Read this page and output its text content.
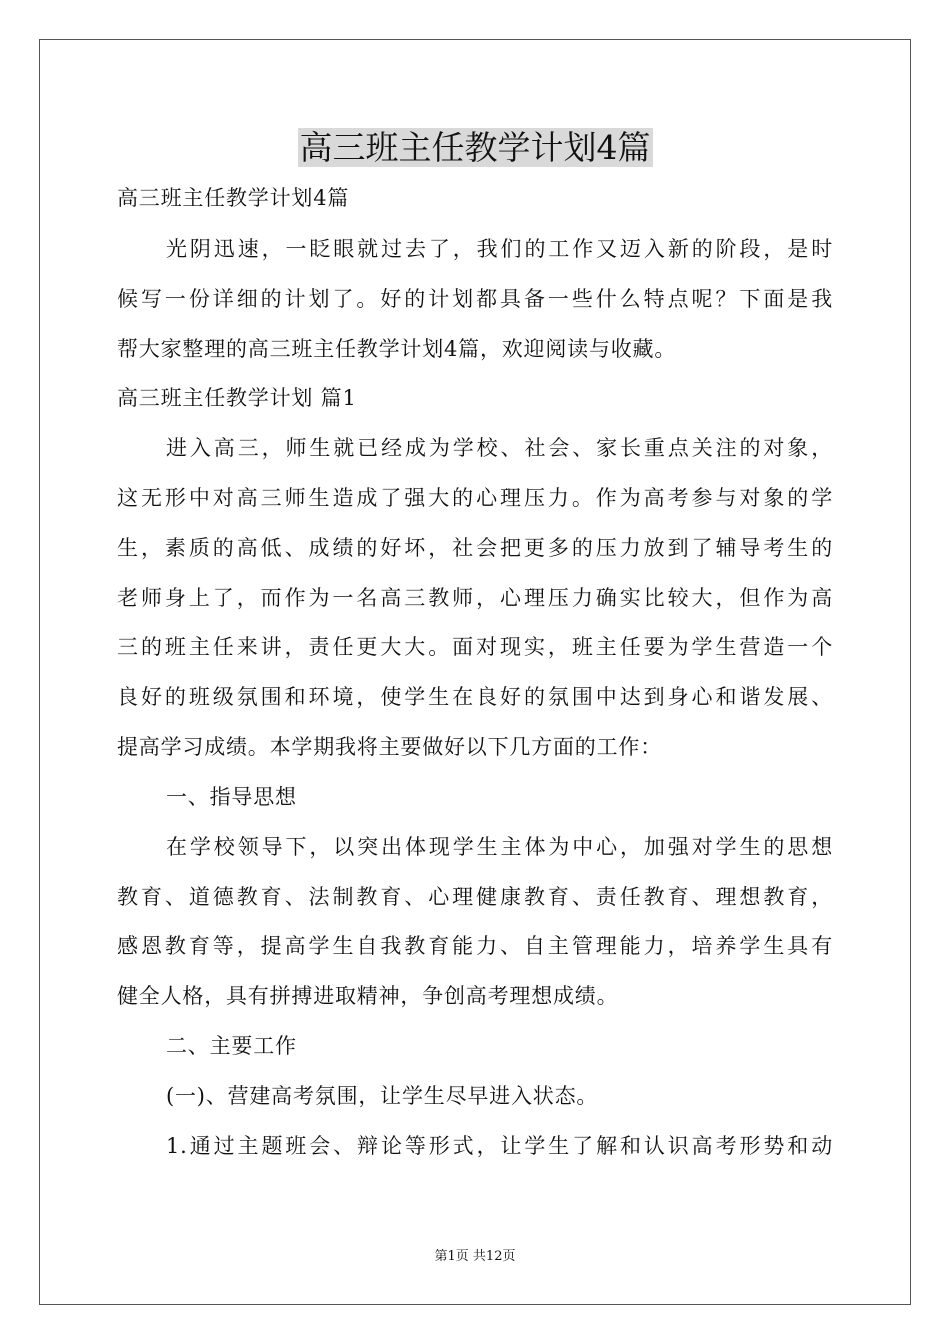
高三班主任教学计划4篇
高三班主任教学计划4篇
光阴迅速，一眨眼就过去了，我们的工作又迈入新的阶段，是时
候写一份详细的计划了。好的计划都具备一些什么特点呢？下面是我
帮大家整理的高三班主任教学计划4篇，欢迎阅读与收藏。
高三班主任教学计划 篇1
进入高三，师生就已经成为学校、社会、家长重点关注的对象，
这无形中对高三师生造成了强大的心理压力。作为高考参与对象的学
生，素质的高低、成绩的好坏，社会把更多的压力放到了辅导考生的
老师身上了，而作为一名高三教师，心理压力确实比较大，但作为高
三的班主任来讲，责任更大大。面对现实，班主任要为学生营造一个
良好的班级氛围和环境，使学生在良好的氛围中达到身心和谐发展、
提高学习成绩。本学期我将主要做好以下几方面的工作：
一、指导思想
在学校领导下，以突出体现学生主体为中心，加强对学生的思想
教育、道德教育、法制教育、心理健康教育、责任教育、理想教育，
感恩教育等，提高学生自我教育能力、自主管理能力，培养学生具有
健全人格，具有拼搏进取精神，争创高考理想成绩。
二、主要工作
(一)、营建高考氛围，让学生尽早进入状态。
1.通过主题班会、辩论等形式，让学生了解和认识高考形势和动
第1页 共12页
